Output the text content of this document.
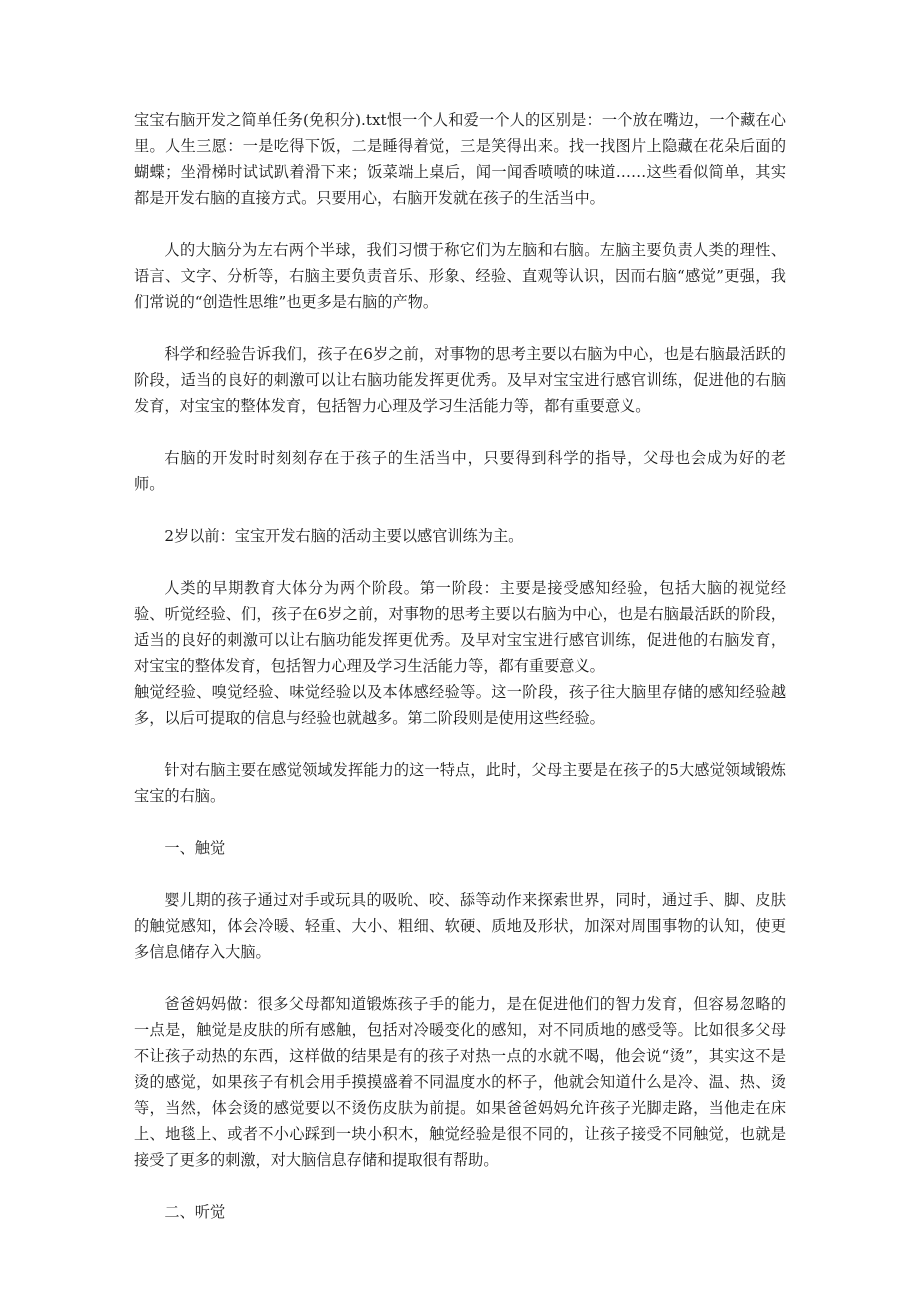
宝宝右脑开发之简单任务(免积分).txt恨一个人和爱一个人的区别是：一个放在嘴边，一个藏在心里。人生三愿：一是吃得下饭，二是睡得着觉，三是笑得出来。找一找图片上隐藏在花朵后面的蝴蝶；坐滑梯时试试趴着滑下来；饭菜端上桌后，闻一闻香喷喷的味道……这些看似简单，其实都是开发右脑的直接方式。只要用心，右脑开发就在孩子的生活当中。

人的大脑分为左右两个半球，我们习惯于称它们为左脑和右脑。左脑主要负责人类的理性、语言、文字、分析等，右脑主要负责音乐、形象、经验、直观等认识，因而右脑“感觉”更强，我们常说的“创造性思维”也更多是右脑的产物。

科学和经验告诉我们，孩子在6岁之前，对事物的思考主要以右脑为中心，也是右脑最活跃的阶段，适当的良好的刺激可以让右脑功能发挥更优秀。及早对宝宝进行感官训练，促进他的右脑发育，对宝宝的整体发育，包括智力心理及学习生活能力等，都有重要意义。

右脑的开发时时刻刻存在于孩子的生活当中，只要得到科学的指导，父母也会成为好的老师。

2岁以前：宝宝开发右脑的活动主要以感官训练为主。

人类的早期教育大体分为两个阶段。第一阶段：主要是接受感知经验，包括大脑的视觉经验、听觉经验、们，孩子在6岁之前，对事物的思考主要以右脑为中心，也是右脑最活跃的阶段，适当的良好的刺激可以让右脑功能发挥更优秀。及早对宝宝进行感官训练，促进他的右脑发育，对宝宝的整体发育，包括智力心理及学习生活能力等，都有重要意义。

触觉经验、嗅觉经验、味觉经验以及本体感经验等。这一阶段，孩子往大脑里存储的感知经验越多，以后可提取的信息与经验也就越多。第二阶段则是使用这些经验。

针对右脑主要在感觉领域发挥能力的这一特点，此时，父母主要是在孩子的5大感觉领域锻炼宝宝的右脑。

一、触觉

婴儿期的孩子通过对手或玩具的吸吮、咬、舔等动作来探索世界，同时，通过手、脚、皮肤的触觉感知，体会冷暖、轻重、大小、粗细、软硬、质地及形状，加深对周围事物的认知，使更多信息储存入大脑。

爸爸妈妈做：很多父母都知道锻炼孩子手的能力，是在促进他们的智力发育，但容易忽略的一点是，触觉是皮肤的所有感触，包括对冷暖变化的感知，对不同质地的感受等。比如很多父母不让孩子动热的东西，这样做的结果是有的孩子对热一点的水就不喝，他会说“烫”，其实这不是烫的感觉，如果孩子有机会用手摸摸盛着不同温度水的杯子，他就会知道什么是冷、温、热、烫等，当然，体会烫的感觉要以不烫伤皮肤为前提。如果爸爸妈妈允许孩子光脚走路，当他走在床上、地毯上、或者不小心踩到一块小积木，触觉经验是很不同的，让孩子接受不同触觉，也就是接受了更多的刺激，对大脑信息存储和提取很有帮助。

二、听觉
